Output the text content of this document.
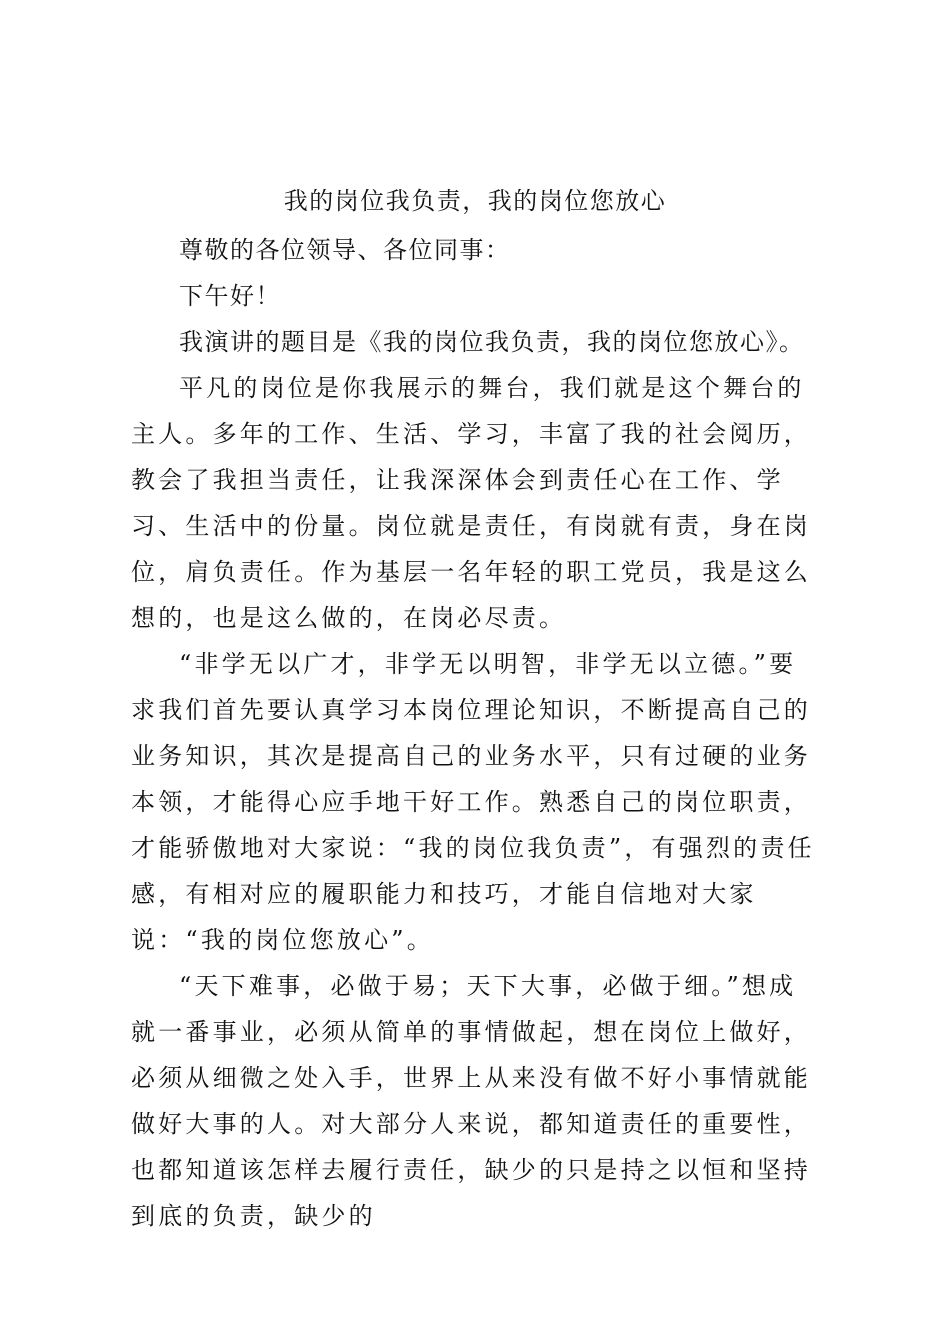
我的岗位我负责，我的岗位您放心

尊敬的各位领导、各位同事：

下午好！

我演讲的题目是《我的岗位我负责，我的岗位您放心》。

平凡的岗位是你我展示的舞台，我们就是这个舞台的主人。多年的工作、生活、学习，丰富了我的社会阅历，教会了我担当责任，让我深深体会到责任心在工作、学习、生活中的份量。岗位就是责任，有岗就有责，身在岗位，肩负责任。作为基层一名年轻的职工党员，我是这么想的，也是这么做的，在岗必尽责。

“非学无以广才，非学无以明智，非学无以立德。”要求我们首先要认真学习本岗位理论知识，不断提高自己的业务知识，其次是提高自己的业务水平，只有过硬的业务本领，才能得心应手地干好工作。熟悉自己的岗位职责，才能骄傲地对大家说：“我的岗位我负责”，有强烈的责任感，有相对应的履职能力和技巧，才能自信地对大家说：“我的岗位您放心”。

“天下难事，必做于易；天下大事，必做于细。”想成就一番事业，必须从简单的事情做起，想在岗位上做好，必须从细微之处入手，世界上从来没有做不好小事情就能做好大事的人。对大部分人来说，都知道责任的重要性，也都知道该怎样去履行责任，缺少的只是持之以恒和坚持到底的负责，缺少的
